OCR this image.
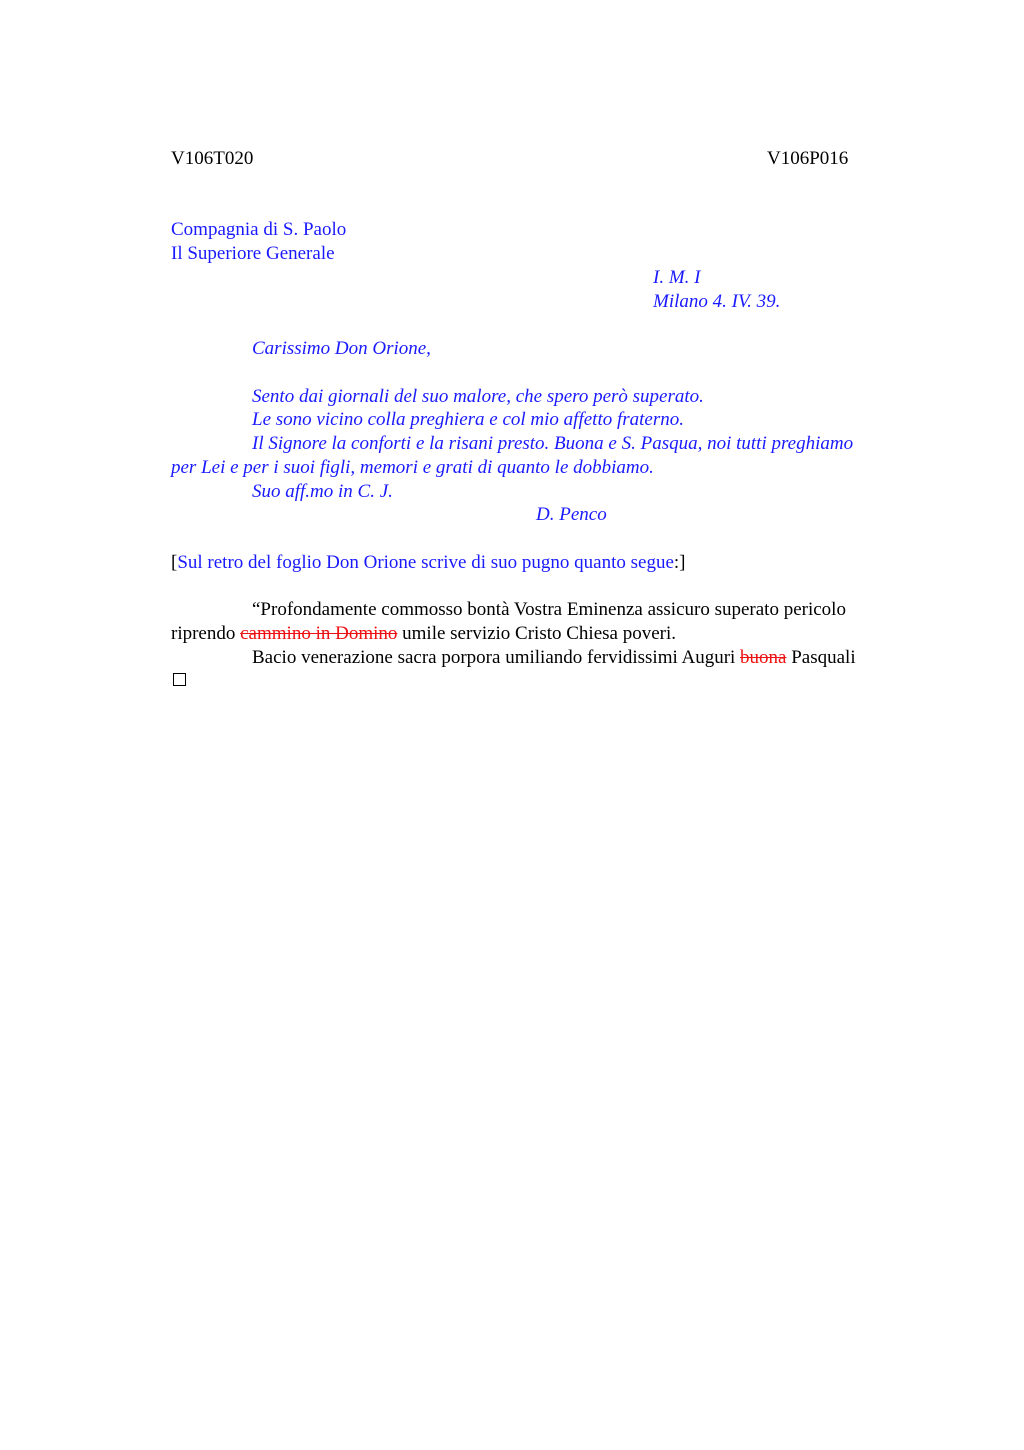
V106T020	V106P016
Compagnia di S. Paolo
Il Superiore Generale
I. M. I
Milano 4. IV. 39.
Carissimo Don Orione,
Sento dai giornali del suo malore, che spero però superato.
Le sono vicino colla preghiera e col mio affetto fraterno.
Il Signore la conforti e la risani presto. Buona e S. Pasqua, noi tutti preghiamo
per Lei e per i suoi figli, memori e grati di quanto le dobbiamo.
Suo aff.mo in C. J.
D. Penco
[Sul retro del foglio Don Orione scrive di suo pugno quanto segue:]
“Profondamente commosso bontà Vostra Eminenza assicuro superato pericolo
riprendo cammino in Domino umile servizio Cristo Chiesa poveri.
Bacio venerazione sacra porpora umiliando fervidissimi Auguri buona Pasquali
